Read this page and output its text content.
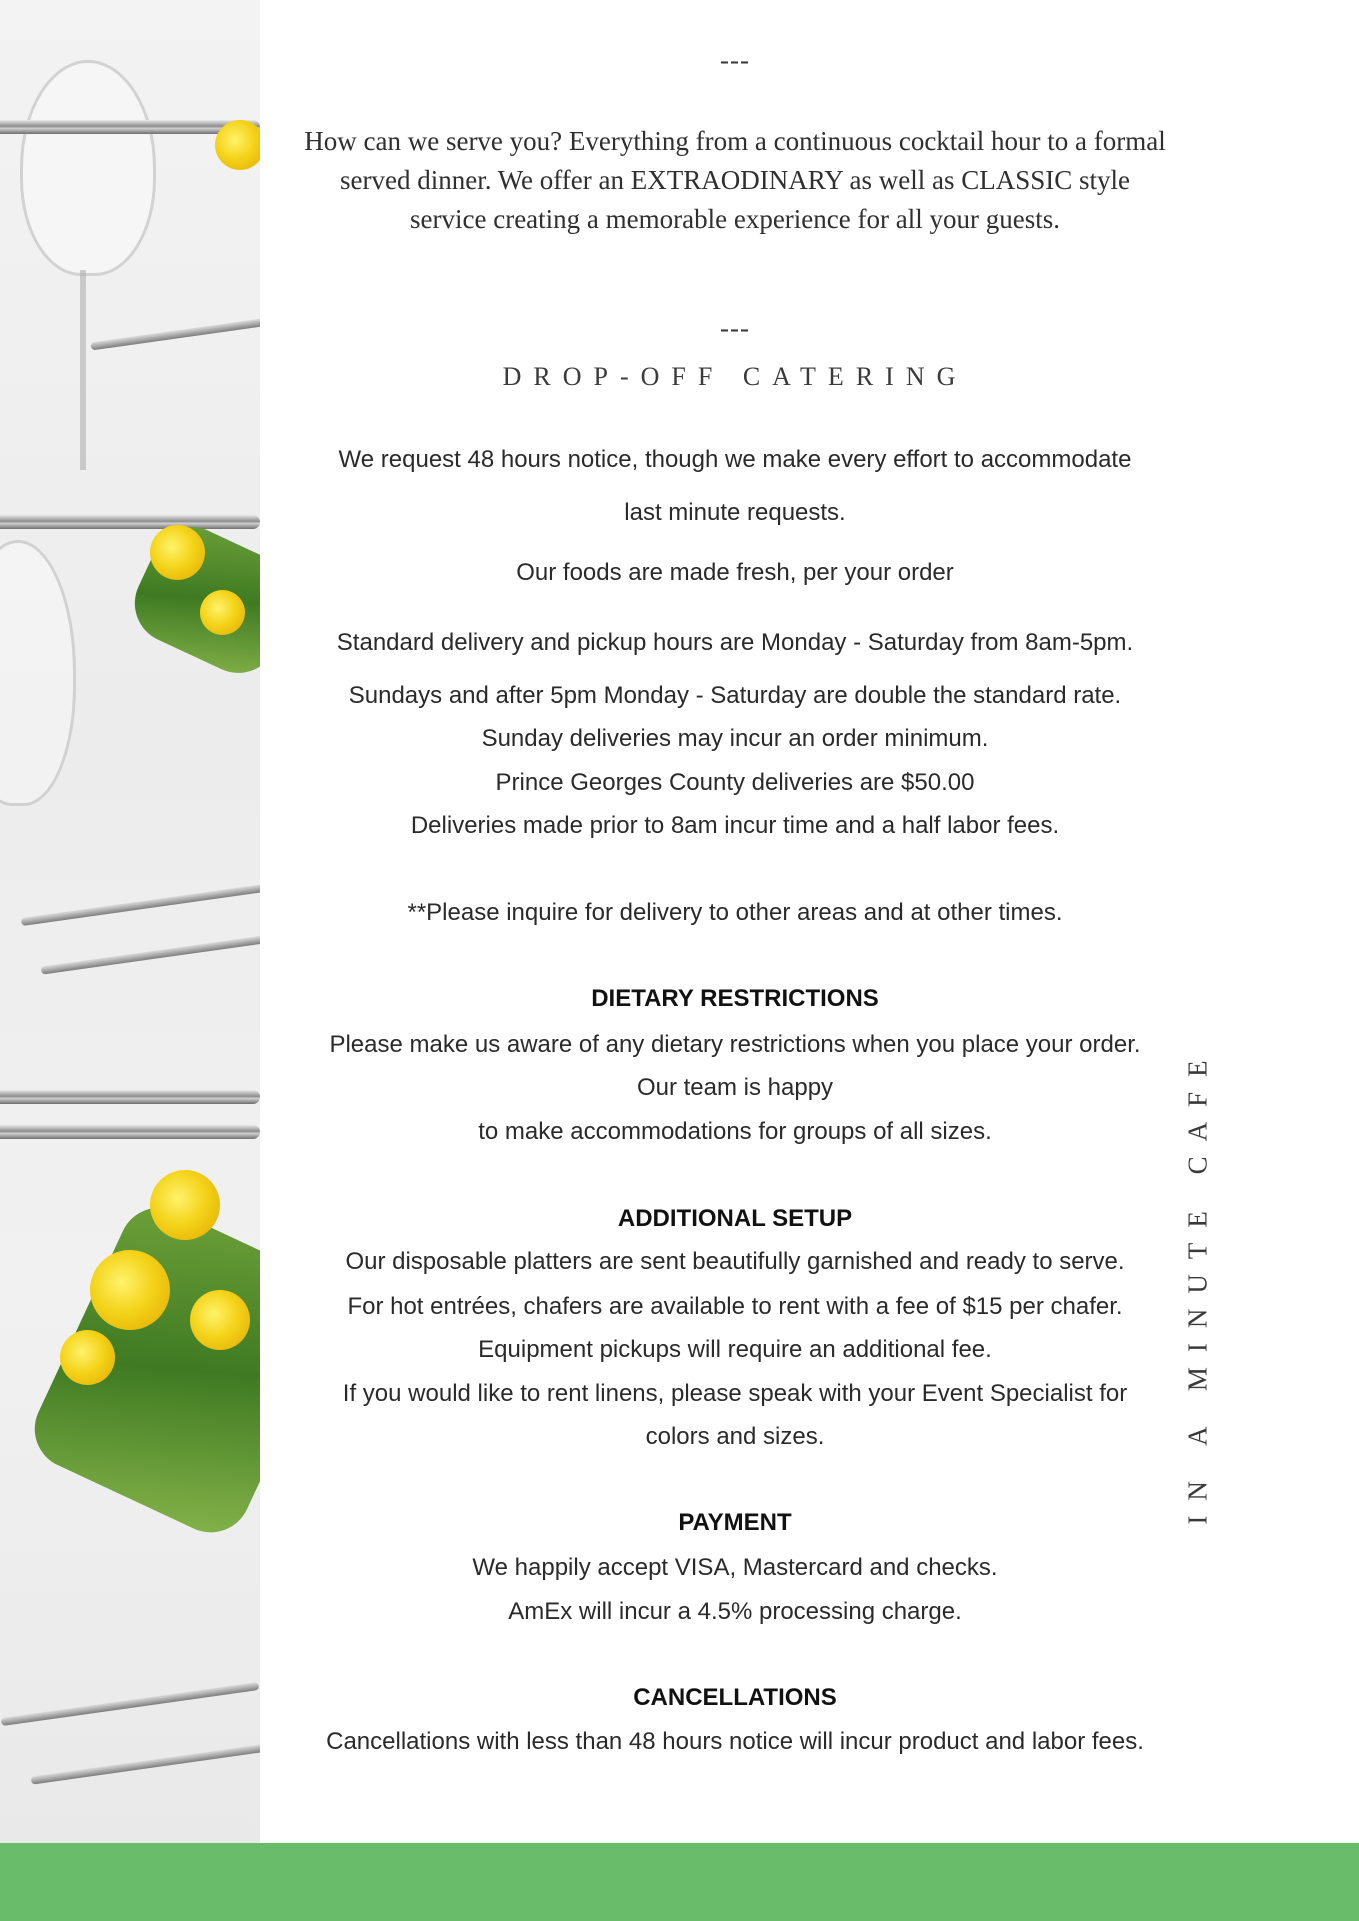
---

How can we serve you? Everything from a continuous cocktail hour to a formal served dinner. We offer an EXTRAODINARY as well as CLASSIC style service creating a memorable experience for all your guests.

---

DROP-OFF CATERING

We request 48 hours notice, though we make every effort to accommodate

last minute requests.

Our foods are made fresh, per your order

Standard delivery and pickup hours are Monday - Saturday from 8am-5pm.

Sundays and after 5pm Monday - Saturday are double the standard rate.

Sunday deliveries may incur an order minimum.

Prince Georges County deliveries are $50.00

Deliveries made prior to 8am incur time and a half labor fees.

**Please inquire for delivery to other areas and at other times.

DIETARY RESTRICTIONS

Please make us aware of any dietary restrictions when you place your order.

Our team is happy

to make accommodations for groups of all sizes.

ADDITIONAL SETUP

Our disposable platters are sent beautifully garnished and ready to serve.

For hot entrées, chafers are available to rent with a fee of $15 per chafer.

Equipment pickups will require an additional fee.

If you would like to rent linens, please speak with your Event Specialist for

colors and sizes.

PAYMENT

We happily accept VISA, Mastercard and checks.

AmEx will incur a 4.5% processing charge.

CANCELLATIONS

Cancellations with less than 48 hours notice will incur product and labor fees.

IN A MINUTE CAFE
